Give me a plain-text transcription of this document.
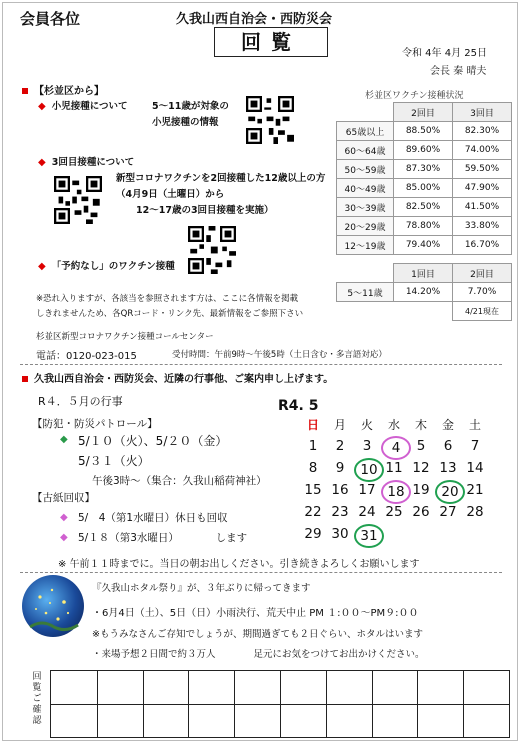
会員各位	久我山西自治会・西防災会
回覧	令和 4年 4月 25日
会長 秦 晴夫
【杉並区から】
◆ 小児接種について	5～11歳が対象の
小児接種の情報
◆ 3回目接種について
新型コロナワクチンを2回接種した12歳以上の方
（4月9日（土曜日）から
12～17歳の3回目接種を実施）
◆ 「予約なし」のワクチン接種
※恐れ入りますが、各該当を参照されます方は、ここに各情報を掲載
しきれませんため、各QRコード・リンク先、最新情報をご参照下さい
杉並区新型コロナワクチン接種コールセンター
電話：0120-023-015	受付時間：午前9時～午後5時（土日含む・多言語対応）
杉並区ワクチン接種状況
	2回目	3回目
65歳以上	88.50%	82.30%
60～64歳	89.60%	74.00%
50～59歳	87.30%	59.50%
40～49歳	85.00%	47.90%
30～39歳	82.50%	41.50%
20～29歳	78.80%	33.80%
12～19歳	79.40%	16.70%

	1回目	2回目
5～11歳	14.20%	7.70%
		4/21現在
久我山西自治会・西防災会、近隣の行事他、ご案内申し上げます。
R４．５月の行事	R4. 5
【防犯・防災パトロール】
◆ 5/１０（火）、5/２０（金）
5/３１（火）
午後3時～（集合：久我山稲荷神社）
【古紙回収】
◆ 5/　4（第1水曜日）休日も回収
◆ 5/１８（第3水曜日）　　　　します
日	月	火	水	木	金	土
1	2	3	4	5	6	7
8	9	10 11 12 13 14
15 16 17 18 19 20 21
22 23 24 25 26 27 28
29 30 31
※ 午前１１時までに。当日の朝お出しください。引き続きよろしくお願いします
『久我山ホタル祭り』が、３年ぶりに帰ってきます
・6月4日（土）、5日（日）小雨決行、荒天中止 PM １:００～PM９:００
※もうみなさんご存知でしょうが、期間過ぎても２日ぐらい、ホタルはいます
・来場予想２日間で約３万人　　　　足元にお気をつけてお出かけください。
回覧ご確認
